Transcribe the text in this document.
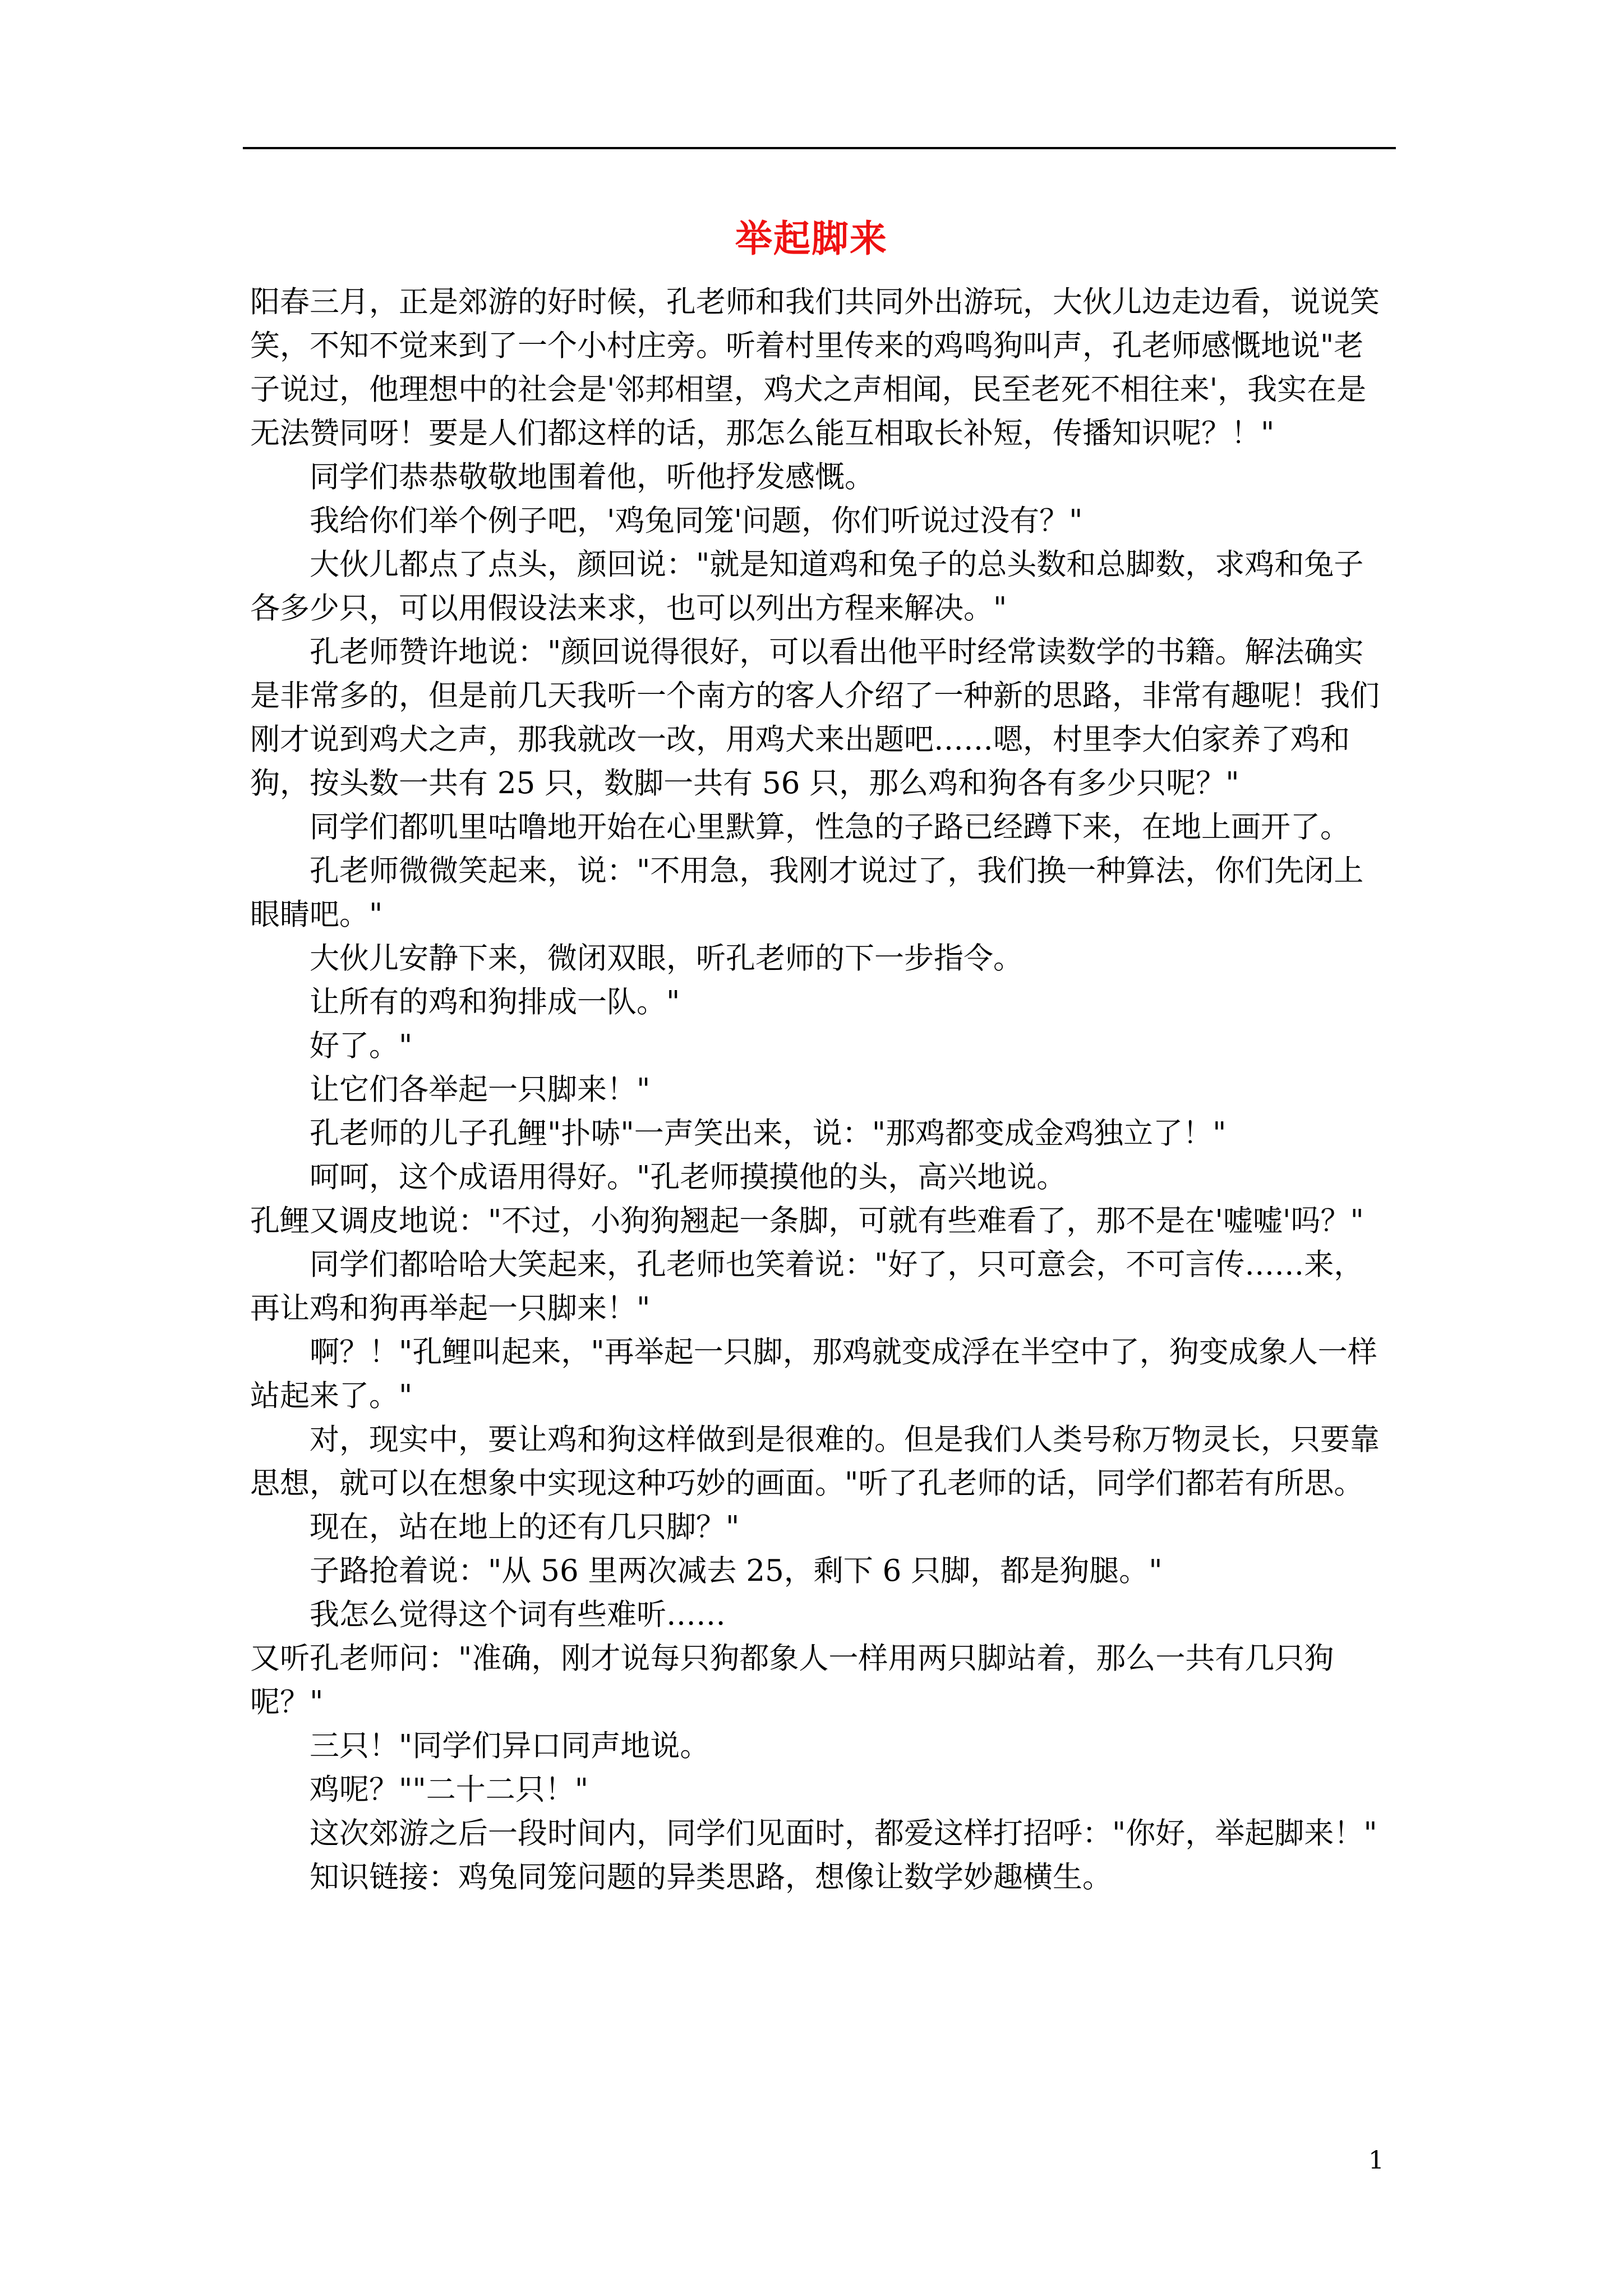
举起脚来

阳春三月，正是郊游的好时候，孔老师和我们共同外出游玩，大伙儿边走边看，说说笑笑，不知不觉来到了一个小村庄旁。听着村里传来的鸡鸣狗叫声，孔老师感慨地说"老子说过，他理想中的社会是'邻邦相望，鸡犬之声相闻，民至老死不相往来'，我实在是无法赞同呀！要是人们都这样的话，那怎么能互相取长补短，传播知识呢？！"

同学们恭恭敬敬地围着他，听他抒发感慨。

我给你们举个例子吧，'鸡兔同笼'问题，你们听说过没有？"

大伙儿都点了点头，颜回说："就是知道鸡和兔子的总头数和总脚数，求鸡和兔子各多少只，可以用假设法来求，也可以列出方程来解决。"

孔老师赞许地说："颜回说得很好，可以看出他平时经常读数学的书籍。解法确实是非常多的，但是前几天我听一个南方的客人介绍了一种新的思路，非常有趣呢！我们刚才说到鸡犬之声，那我就改一改，用鸡犬来出题吧……嗯，村里李大伯家养了鸡和狗，按头数一共有 25 只，数脚一共有 56 只，那么鸡和狗各有多少只呢？"

同学们都叽里咕噜地开始在心里默算，性急的子路已经蹲下来，在地上画开了。

孔老师微微笑起来，说："不用急，我刚才说过了，我们换一种算法，你们先闭上眼睛吧。"

大伙儿安静下来，微闭双眼，听孔老师的下一步指令。

让所有的鸡和狗排成一队。"

好了。"

让它们各举起一只脚来！"

孔老师的儿子孔鲤"扑哧"一声笑出来，说："那鸡都变成金鸡独立了！"

呵呵，这个成语用得好。"孔老师摸摸他的头，高兴地说。

孔鲤又调皮地说："不过，小狗狗翘起一条脚，可就有些难看了，那不是在'嘘嘘'吗？"

同学们都哈哈大笑起来，孔老师也笑着说："好了，只可意会，不可言传……来，再让鸡和狗再举起一只脚来！"

啊？！"孔鲤叫起来，"再举起一只脚，那鸡就变成浮在半空中了，狗变成象人一样站起来了。"

对，现实中，要让鸡和狗这样做到是很难的。但是我们人类号称万物灵长，只要靠思想，就可以在想象中实现这种巧妙的画面。"听了孔老师的话，同学们都若有所思。

现在，站在地上的还有几只脚？"

子路抢着说："从 56 里两次减去 25，剩下 6 只脚，都是狗腿。"

我怎么觉得这个词有些难听……

又听孔老师问："准确，刚才说每只狗都象人一样用两只脚站着，那么一共有几只狗呢？"

三只！"同学们异口同声地说。

鸡呢？""二十二只！"

这次郊游之后一段时间内，同学们见面时，都爱这样打招呼："你好，举起脚来！"

知识链接：鸡兔同笼问题的异类思路，想像让数学妙趣横生。

1
